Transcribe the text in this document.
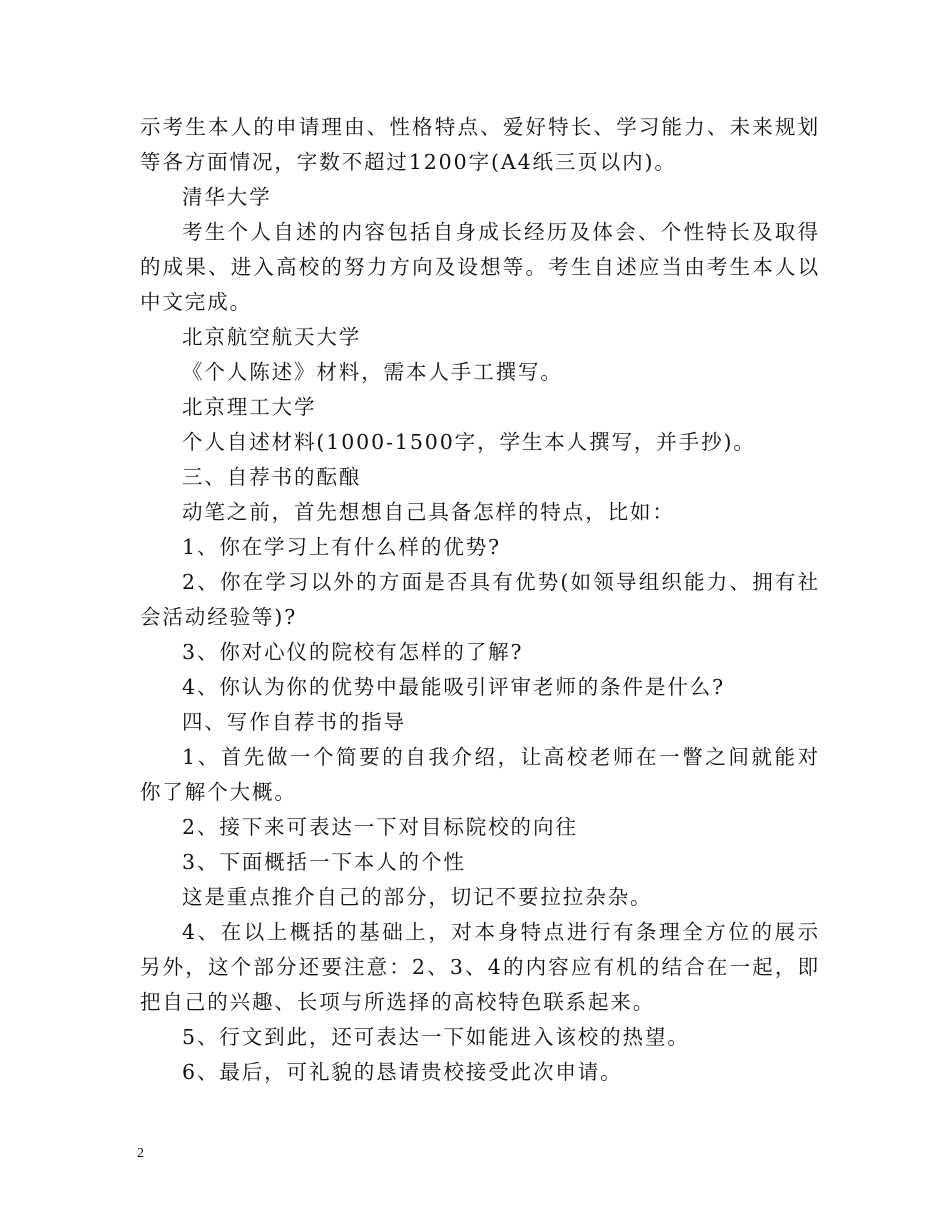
示考生本人的申请理由、性格特点、爱好特长、学习能力、未来规划等各方面情况，字数不超过1200字(A4纸三页以内)。

清华大学

考生个人自述的内容包括自身成长经历及体会、个性特长及取得的成果、进入高校的努力方向及设想等。考生自述应当由考生本人以中文完成。

北京航空航天大学

《个人陈述》材料，需本人手工撰写。

北京理工大学

个人自述材料(1000-1500字，学生本人撰写，并手抄)。

三、自荐书的酝酿

动笔之前，首先想想自己具备怎样的特点，比如：

1、你在学习上有什么样的优势?

2、你在学习以外的方面是否具有优势(如领导组织能力、拥有社会活动经验等)?

3、你对心仪的院校有怎样的了解?

4、你认为你的优势中最能吸引评审老师的条件是什么?

四、写作自荐书的指导

1、首先做一个简要的自我介绍，让高校老师在一瞥之间就能对你了解个大概。

2、接下来可表达一下对目标院校的向往

3、下面概括一下本人的个性

这是重点推介自己的部分，切记不要拉拉杂杂。

4、在以上概括的基础上，对本身特点进行有条理全方位的展示另外，这个部分还要注意：2、3、4的内容应有机的结合在一起，即把自己的兴趣、长项与所选择的高校特色联系起来。

5、行文到此，还可表达一下如能进入该校的热望。

6、最后，可礼貌的恳请贵校接受此次申请。

2
